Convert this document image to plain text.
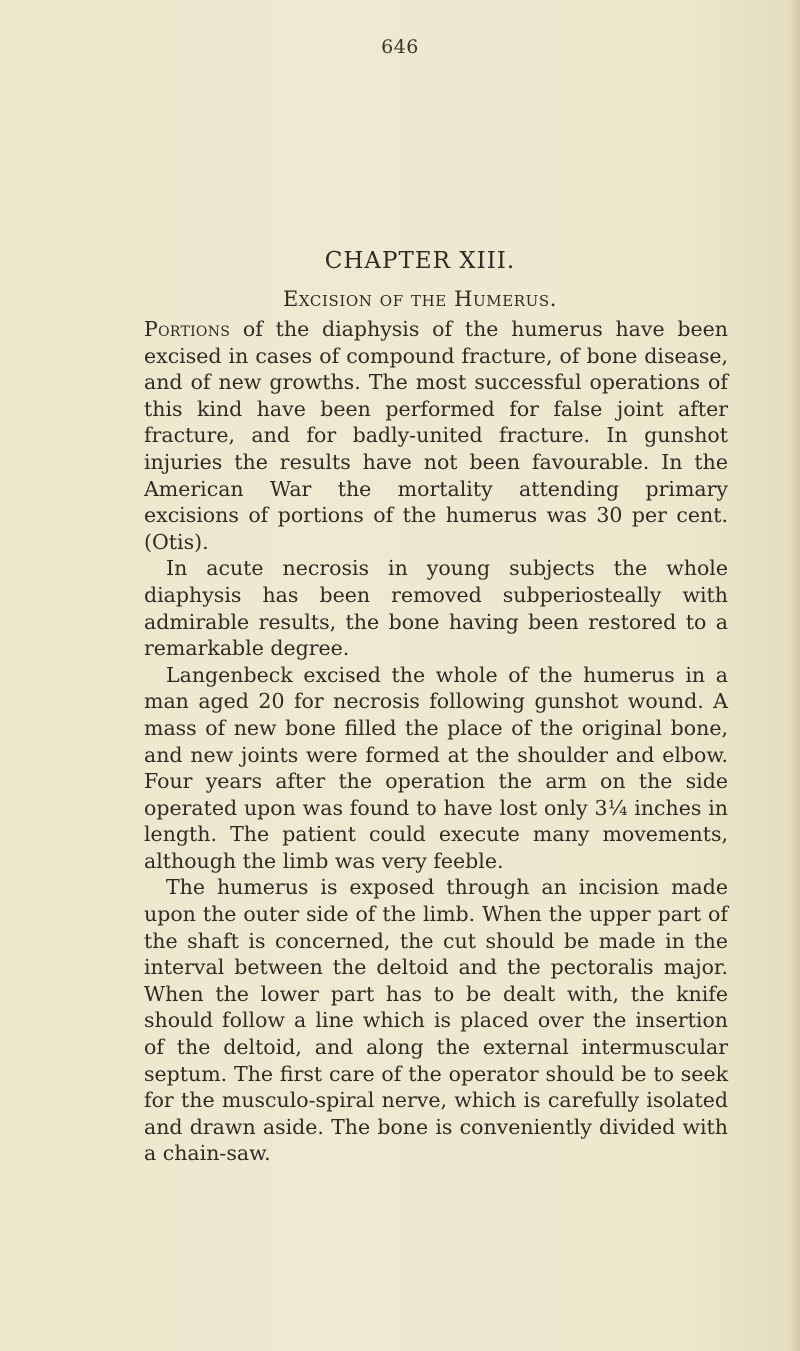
646
CHAPTER XIII.
Excision of the Humerus.

Portions of the diaphysis of the humerus have been excised in cases of compound fracture, of bone disease, and of new growths. The most successful operations of this kind have been performed for false joint after fracture, and for badly-united fracture. In gunshot injuries the results have not been favourable. In the American War the mortality attending primary excisions of portions of the humerus was 30 per cent. (Otis).

In acute necrosis in young subjects the whole diaphysis has been removed subperiosteally with admirable results, the bone having been restored to a remarkable degree.

Langenbeck excised the whole of the humerus in a man aged 20 for necrosis following gunshot wound. A mass of new bone filled the place of the original bone, and new joints were formed at the shoulder and elbow. Four years after the operation the arm on the side operated upon was found to have lost only 3¼ inches in length. The patient could execute many movements, although the limb was very feeble.

The humerus is exposed through an incision made upon the outer side of the limb. When the upper part of the shaft is concerned, the cut should be made in the interval between the deltoid and the pectoralis major. When the lower part has to be dealt with, the knife should follow a line which is placed over the insertion of the deltoid, and along the external intermuscular septum. The first care of the operator should be to seek for the musculo-spiral nerve, which is carefully isolated and drawn aside. The bone is conveniently divided with a chain-saw.
